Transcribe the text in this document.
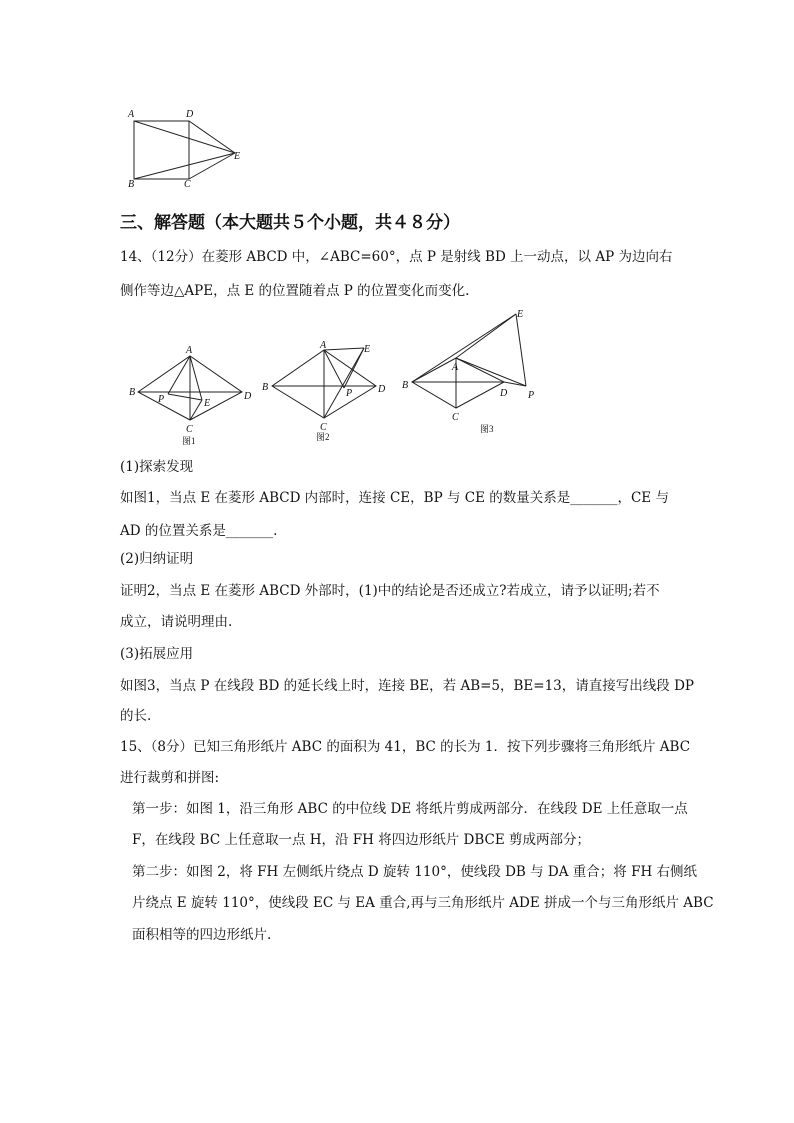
A	D
E
B	C
三、解答题（本大题共５个小题，共４８分）
14、（12分）在菱形 ABCD 中，∠ABC=60°，点 P 是射线 BD 上一动点，以 AP 为边向右
侧作等边△APE，点 E 的位置随着点 P 的位置变化而变化.
A
B	D
C
P	E
图1
A
B	D
C
P
E
图2
A
B
D
C
P
E
图3
(1)探索发现
如图1，当点 E 在菱形 ABCD 内部时，连接 CE，BP 与 CE 的数量关系是_______，CE 与
AD 的位置关系是_______.
(2)归纳证明
证明2，当点 E 在菱形 ABCD 外部时，(1)中的结论是否还成立?若成立，请予以证明;若不
成立，请说明理由.
(3)拓展应用
如图3，当点 P 在线段 BD 的延长线上时，连接 BE，若 AB=5，BE=13，请直接写出线段 DP
的长.
15、（8分）已知三角形纸片 ABC 的面积为 41，BC 的长为 1．按下列步骤将三角形纸片 ABC
进行裁剪和拼图:
第一步：如图 1，沿三角形 ABC 的中位线 DE 将纸片剪成两部分．在线段 DE 上任意取一点
F，在线段 BC 上任意取一点 H，沿 FH 将四边形纸片 DBCE 剪成两部分；
第二步：如图 2，将 FH 左侧纸片绕点 D 旋转 110°，使线段 DB 与 DA 重合；将 FH 右侧纸
片绕点 E 旋转 110°，使线段 EC 与 EA 重合,再与三角形纸片 ADE 拼成一个与三角形纸片 ABC
面积相等的四边形纸片.
